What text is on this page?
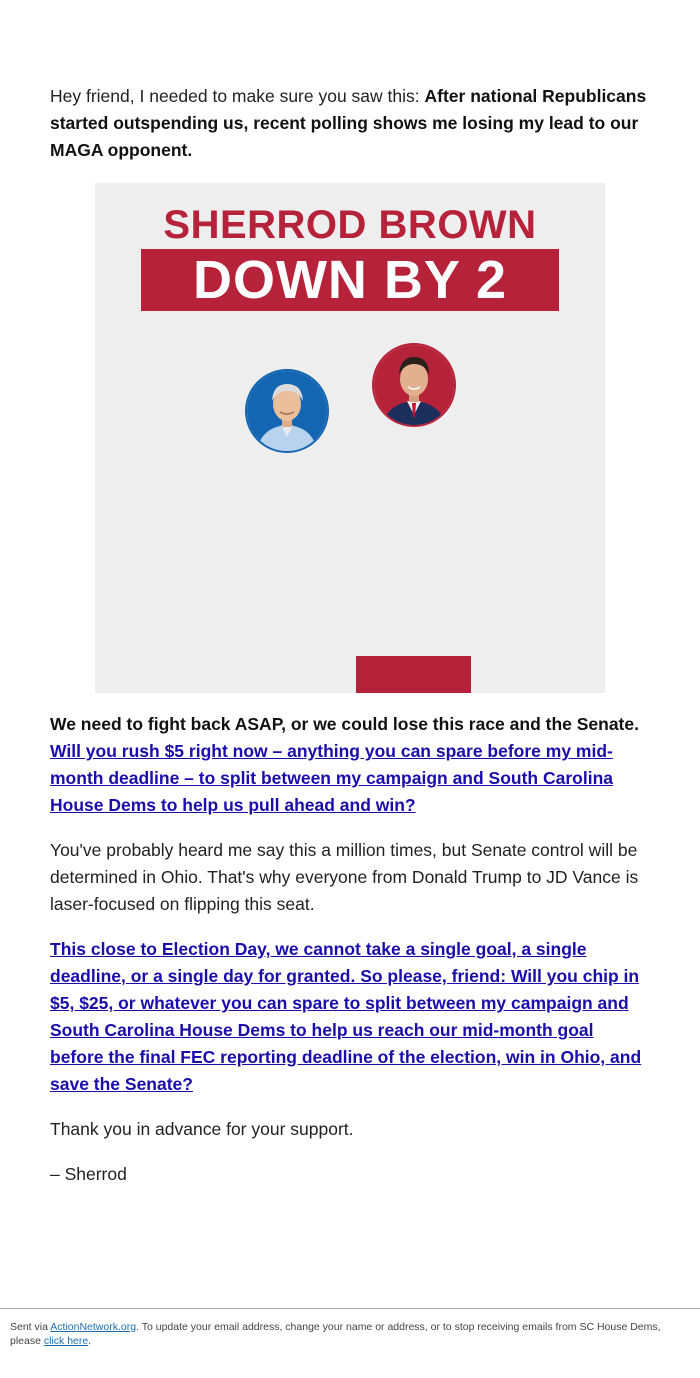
Hey friend, I needed to make sure you saw this: After national Republicans started outspending us, recent polling shows me losing my lead to our MAGA opponent.

SHERROD BROWN
DOWN BY 2

We need to fight back ASAP, or we could lose this race and the Senate. Will you rush $5 right now – anything you can spare before my mid-month deadline – to split between my campaign and South Carolina House Dems to help us pull ahead and win?

You've probably heard me say this a million times, but Senate control will be determined in Ohio. That's why everyone from Donald Trump to JD Vance is laser-focused on flipping this seat.

This close to Election Day, we cannot take a single goal, a single deadline, or a single day for granted. So please, friend: Will you chip in $5, $25, or whatever you can spare to split between my campaign and South Carolina House Dems to help us reach our mid-month goal before the final FEC reporting deadline of the election, win in Ohio, and save the Senate?

Thank you in advance for your support.

– Sherrod

Sent via ActionNetwork.org. To update your email address, change your name or address, or to stop receiving emails from SC House Dems, please click here.
